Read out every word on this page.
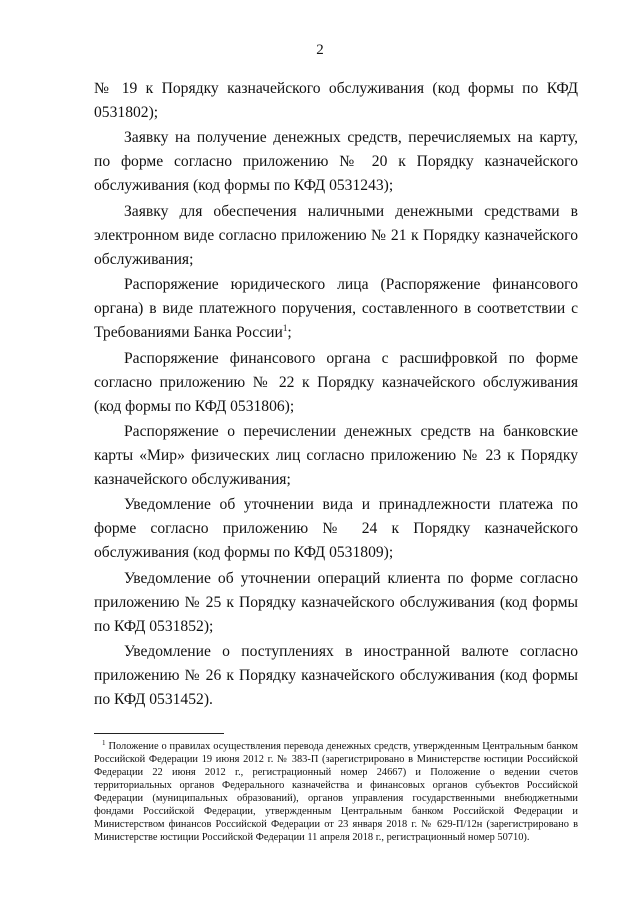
2

№ 19 к Порядку казначейского обслуживания (код формы по КФД 0531802);

Заявку на получение денежных средств, перечисляемых на карту, по форме согласно приложению № 20 к Порядку казначейского обслуживания (код формы по КФД 0531243);

Заявку для обеспечения наличными денежными средствами в электронном виде согласно приложению № 21 к Порядку казначейского обслуживания;

Распоряжение юридического лица (Распоряжение финансового органа) в виде платежного поручения, составленного в соответствии с Требованиями Банка России$^1$;

Распоряжение финансового органа с расшифровкой по форме согласно приложению № 22 к Порядку казначейского обслуживания (код формы по КФД 0531806);

Распоряжение о перечислении денежных средств на банковские карты «Мир» физических лиц согласно приложению № 23 к Порядку казначейского обслуживания;

Уведомление об уточнении вида и принадлежности платежа по форме согласно приложению № 24 к Порядку казначейского обслуживания (код формы по КФД 0531809);

Уведомление об уточнении операций клиента по форме согласно приложению № 25 к Порядку казначейского обслуживания (код формы по КФД 0531852);

Уведомление о поступлениях в иностранной валюте согласно приложению № 26 к Порядку казначейского обслуживания (код формы по КФД 0531452).

$^1$ Положение о правилах осуществления перевода денежных средств, утвержденным Центральным банком Российской Федерации 19 июня 2012 г. № 383-П (зарегистрировано в Министерстве юстиции Российской Федерации 22 июня 2012 г., регистрационный номер 24667) и Положение о ведении счетов территориальных органов Федерального казначейства и финансовых органов субъектов Российской Федерации (муниципальных образований), органов управления государственными внебюджетными фондами Российской Федерации, утвержденным Центральным банком Российской Федерации и Министерством финансов Российской Федерации от 23 января 2018 г. № 629-П/12н (зарегистрировано в Министерстве юстиции Российской Федерации 11 апреля 2018 г., регистрационный номер 50710).
